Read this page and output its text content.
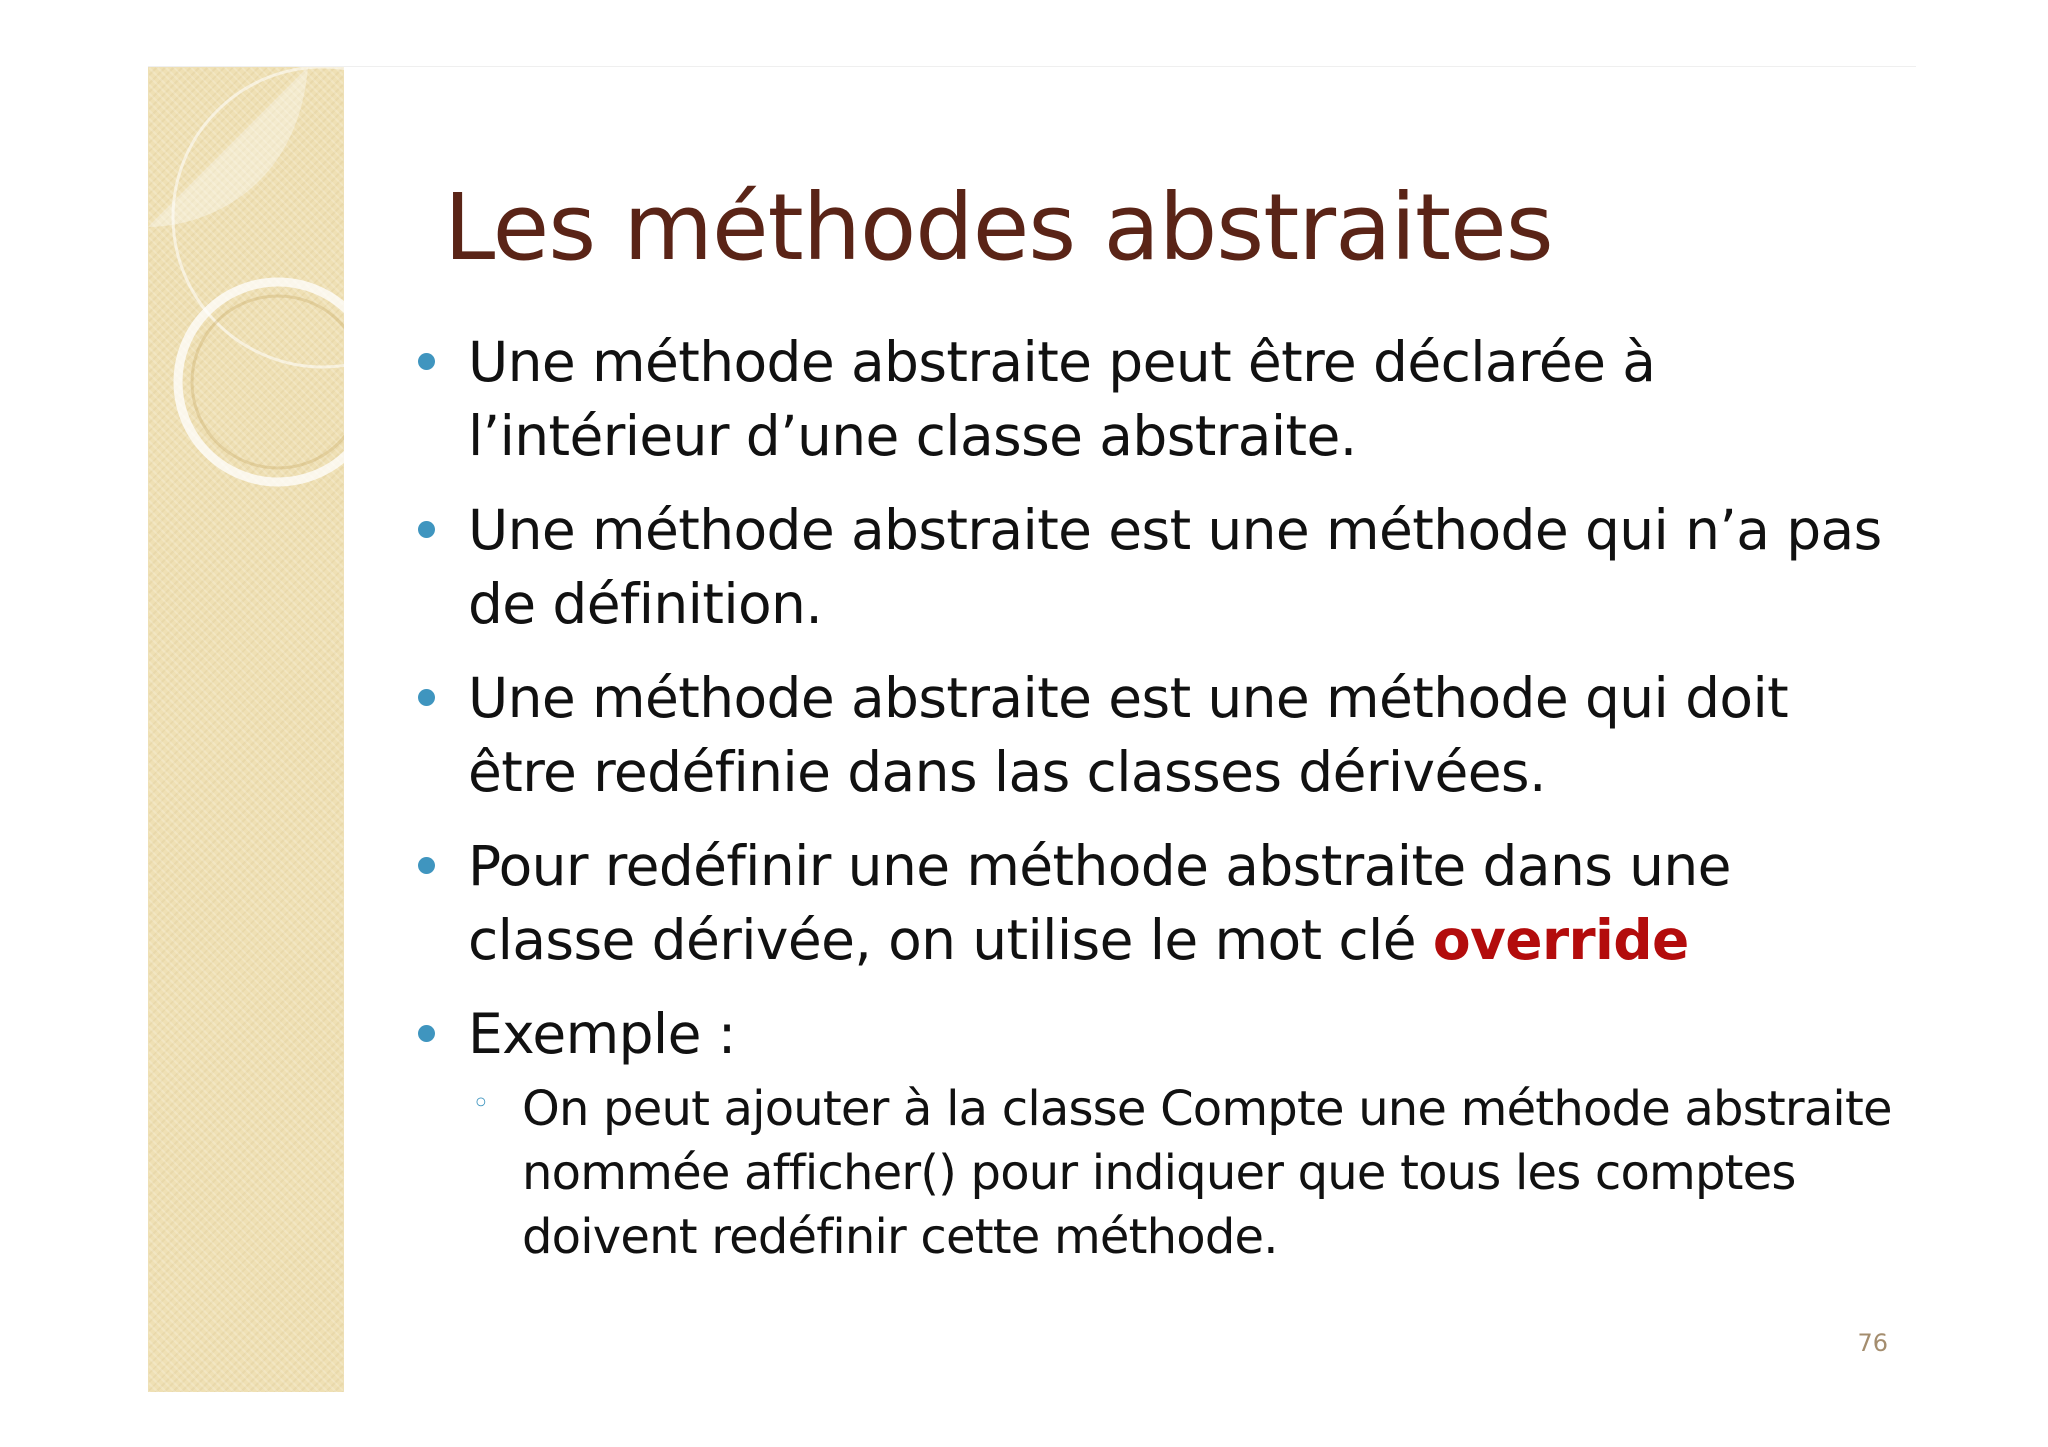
Les méthodes abstraites
Une méthode abstraite peut être déclarée à l’intérieur d’une classe abstraite.
Une méthode abstraite est une méthode qui n’a pas de définition.
Une méthode abstraite est une méthode qui doit être redéfinie dans las classes dérivées.
Pour redéfinir une méthode abstraite dans une classe dérivée, on utilise le mot clé override
Exemple :
◦ On peut ajouter à la classe Compte une méthode abstraite nommée afficher() pour indiquer que tous les comptes doivent redéfinir cette méthode.
76
